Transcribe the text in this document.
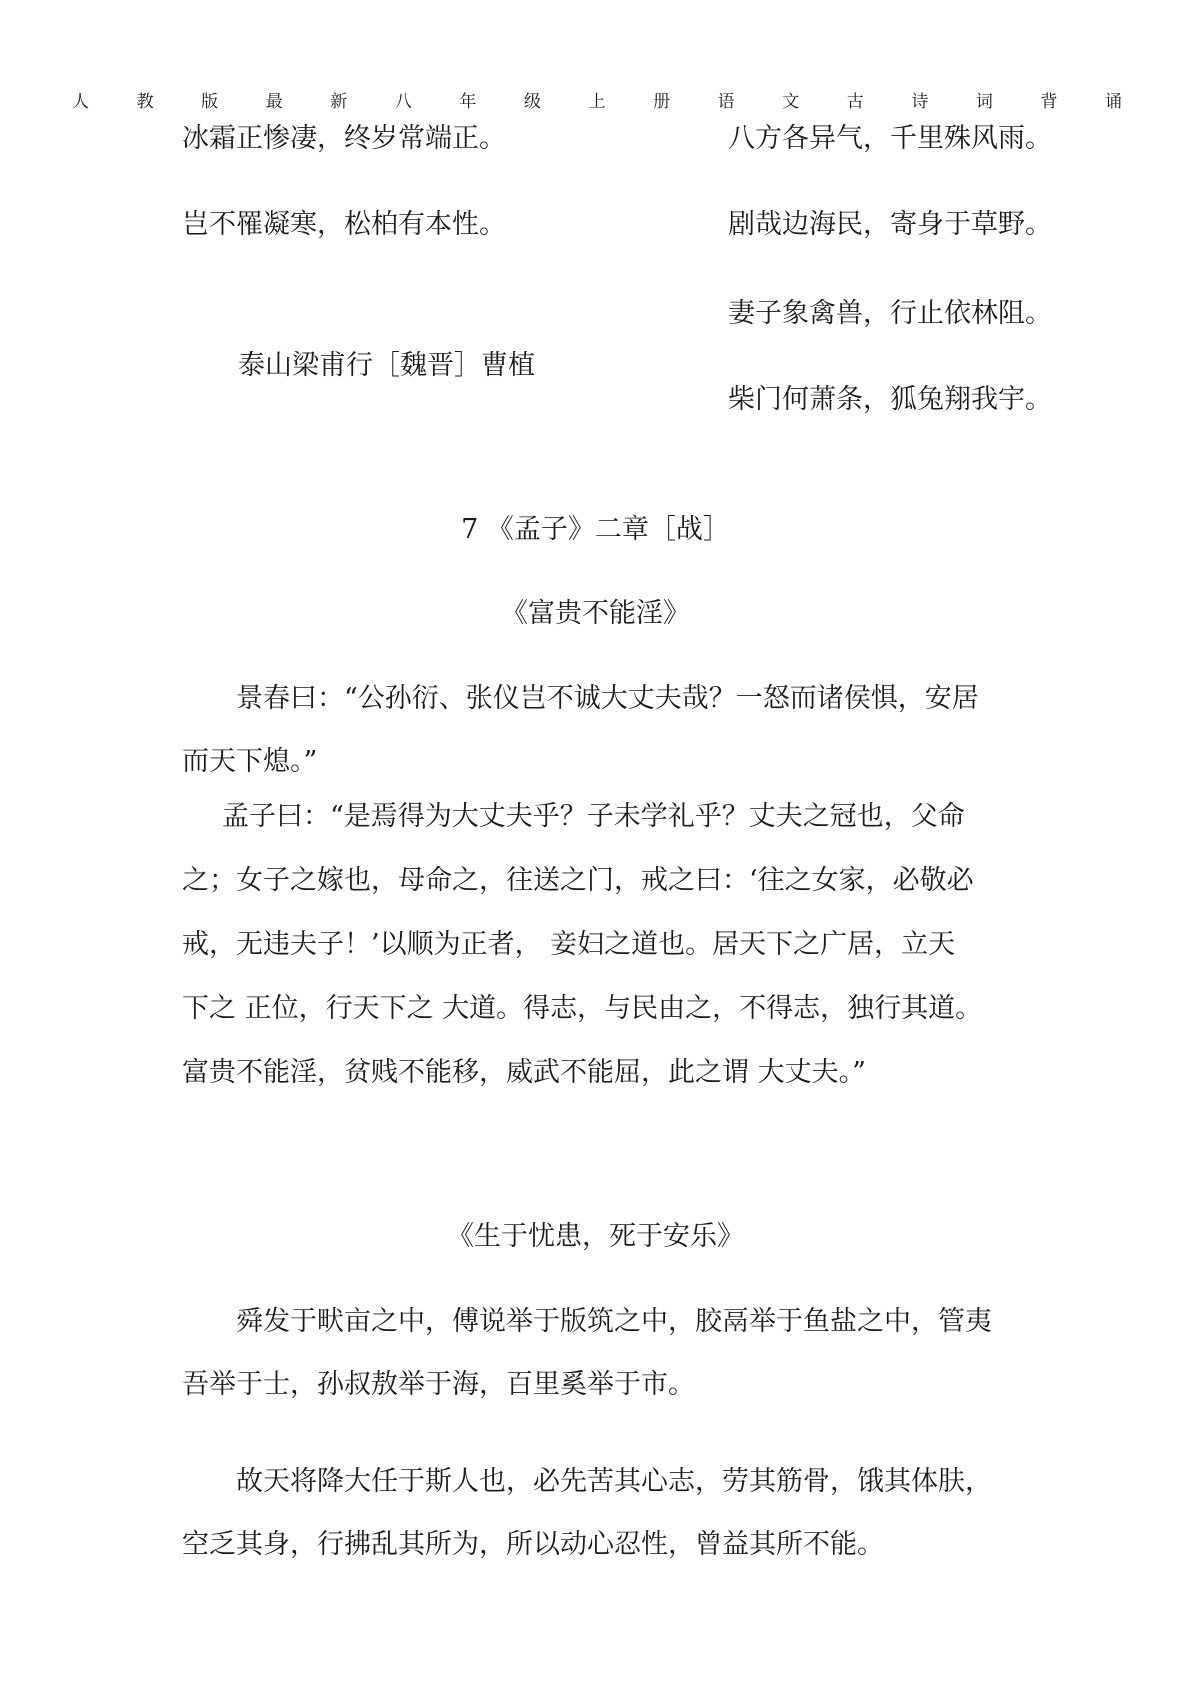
人	教	版	最	新	八	年	级	上	册	语	文	古	诗	词	背	诵
冰霜正惨凄，终岁常端正。
岂不罹凝寒，松柏有本性。
泰山梁甫行［魏晋］曹植
八方各异气，千里殊风雨。
剧哉边海民，寄身于草野。
妻子象禽兽，行止依林阻。
柴门何萧条，狐兔翔我宇。
7 《孟子》二章［战］
《富贵不能淫》
景春曰：“公孙衍、张仪岂不诚大丈夫哉？一怒而诸侯惧，安居
而天下熄。”
孟子曰：“是焉得为大丈夫乎？子未学礼乎？丈夫之冠也，父命
之；女子之嫁也，母命之，往送之门，戒之曰：‘往之女家，必敬必
戒，无违夫子！’以顺为正者， 妾妇之道也。居天下之广居，立天
下之 正位，行天下之 大道。得志，与民由之，不得志，独行其道。
富贵不能淫，贫贱不能移，威武不能屈，此之谓 大丈夫。”
《生于忧患，死于安乐》
舜发于畎亩之中，傅说举于版筑之中，胶鬲举于鱼盐之中，管夷
吾举于士，孙叔敖举于海，百里奚举于市。
故天将降大任于斯人也，必先苦其心志，劳其筋骨，饿其体肤，
空乏其身，行拂乱其所为，所以动心忍性，曾益其所不能。
